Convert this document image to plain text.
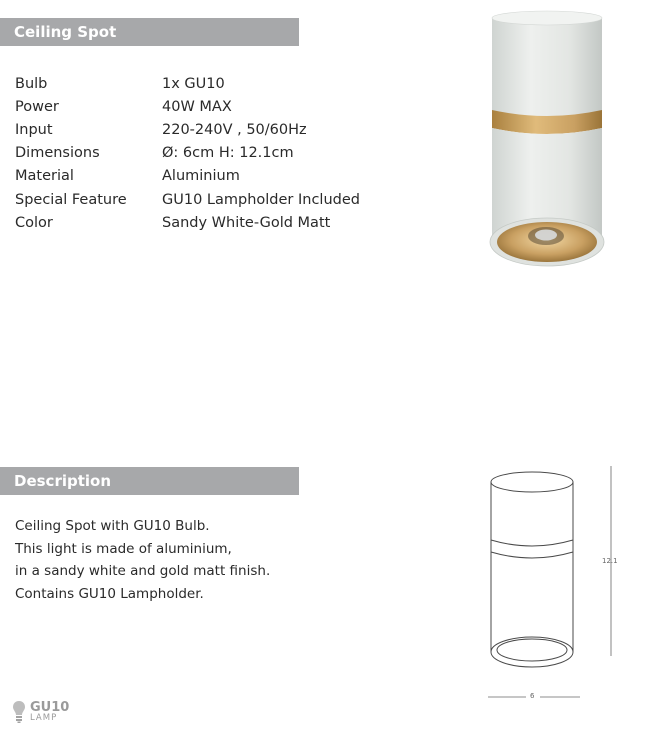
Ceiling Spot
Bulb	1x GU10
Power	40W MAX
Input	220-240V , 50/60Hz
Dimensions	Ø: 6cm H: 12.1cm
Material	Aluminium
Special Feature	GU10 Lampholder Included
Color	Sandy White-Gold Matt
Description
Ceiling Spot with GU10 Bulb.
This light is made of aluminium,
in a sandy white and gold matt finish.
Contains GU10 Lampholder.
12.1
6
GU10
LAMP
